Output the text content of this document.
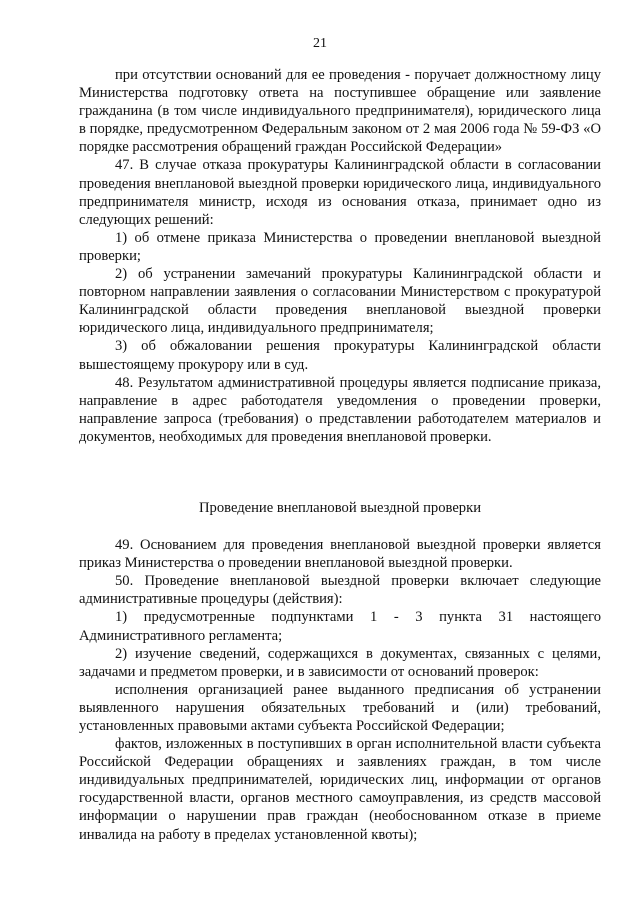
21

при отсутствии оснований для ее проведения - поручает должностному лицу Министерства подготовку ответа на поступившее обращение или заявление гражданина (в том числе индивидуального предпринимателя), юридического лица в порядке, предусмотренном Федеральным законом от 2 мая 2006 года № 59-ФЗ «О порядке рассмотрения обращений граждан Российской Федерации»

47. В случае отказа прокуратуры Калининградской области в согласовании проведения внеплановой выездной проверки юридического лица, индивидуального предпринимателя министр, исходя из основания отказа, принимает одно из следующих решений:

1) об отмене приказа Министерства о проведении внеплановой выездной проверки;

2) об устранении замечаний прокуратуры Калининградской области и повторном направлении заявления о согласовании Министерством с прокуратурой Калининградской области проведения внеплановой выездной проверки юридического лица, индивидуального предпринимателя;

3) об обжаловании решения прокуратуры Калининградской области вышестоящему прокурору или в суд.

48. Результатом административной процедуры является подписание приказа, направление в адрес работодателя уведомления о проведении проверки, направление запроса (требования) о представлении работодателем материалов и документов, необходимых для проведения внеплановой проверки.

Проведение внеплановой выездной проверки

49. Основанием для проведения внеплановой выездной проверки является приказ Министерства о проведении внеплановой выездной проверки.

50. Проведение внеплановой выездной проверки включает следующие административные процедуры (действия):

1) предусмотренные подпунктами 1 - 3 пункта 31 настоящего Административного регламента;

2) изучение сведений, содержащихся в документах, связанных с целями, задачами и предметом проверки, и в зависимости от оснований проверок:

исполнения организацией ранее выданного предписания об устранении выявленного нарушения обязательных требований и (или) требований, установленных правовыми актами субъекта Российской Федерации;

фактов, изложенных в поступивших в орган исполнительной власти субъекта Российской Федерации обращениях и заявлениях граждан, в том числе индивидуальных предпринимателей, юридических лиц, информации от органов государственной власти, органов местного самоуправления, из средств массовой информации о нарушении прав граждан (необоснованном отказе в приеме инвалида на работу в пределах установленной квоты);
